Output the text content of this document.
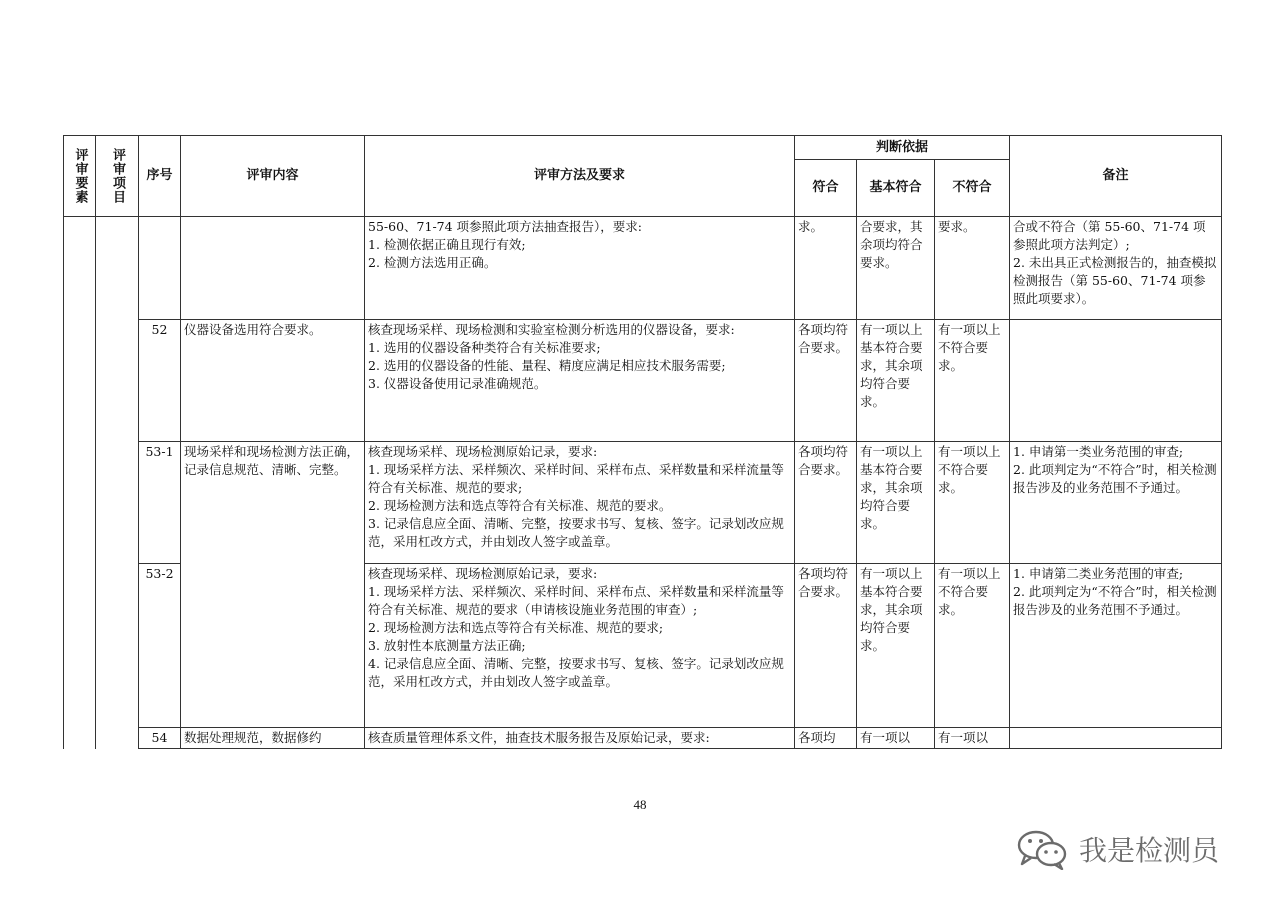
评审要素	评审项目	序号	评审内容	评审方法及要求	判断依据			备注
					符合	基本符合	不符合	

				55-60、71-74 项参照此项方法抽查报告），要求:
1. 检测依据正确且现行有效;
2. 检测方法选用正确。	求。	合要求，其余项均符合要求。	要求。	合或不符合（第 55-60、71-74 项参照此项方法判定）;
2. 未出具正式检测报告的，抽查模拟检测报告（第 55-60、71-74 项参照此项要求）。

		52	仪器设备选用符合要求。	核查现场采样、现场检测和实验室检测分析选用的仪器设备，要求:
1. 选用的仪器设备种类符合有关标准要求;
2. 选用的仪器设备的性能、量程、精度应满足相应技术服务需要;
3. 仪器设备使用记录准确规范。	各项均符合要求。	有一项以上基本符合要求，其余项均符合要求。	有一项以上不符合要求。	
		53-1	现场采样和现场检测方法正确，记录信息规范、清晰、完整。	核查现场采样、现场检测原始记录，要求:
1. 现场采样方法、采样频次、采样时间、采样布点、采样数量和采样流量等符合有关标准、规范的要求;
2. 现场检测方法和选点等符合有关标准、规范的要求。
3. 记录信息应全面、清晰、完整，按要求书写、复核、签字。记录划改应规范，采用杠改方式，并由划改人签字或盖章。	各项均符合要求。	有一项以上基本符合要求，其余项均符合要求。	有一项以上不符合要求。	1. 申请第一类业务范围的审查;
2. 此项判定为“不符合”时，相关检测报告涉及的业务范围不予通过。

		53-2		核查现场采样、现场检测原始记录，要求:
1. 现场采样方法、采样频次、采样时间、采样布点、采样数量和采样流量等符合有关标准、规范的要求（申请核设施业务范围的审查）;
2. 现场检测方法和选点等符合有关标准、规范的要求;
3. 放射性本底测量方法正确;
4. 记录信息应全面、清晰、完整，按要求书写、复核、签字。记录划改应规范，采用杠改方式，并由划改人签字或盖章。	各项均符合要求。	有一项以上基本符合要求，其余项均符合要求。	有一项以上不符合要求。	1. 申请第二类业务范围的审查;
2. 此项判定为“不符合”时，相关检测报告涉及的业务范围不予通过。

		54	数据处理规范，数据修约	核查质量管理体系文件，抽查技术服务报告及原始记录，要求:	各项均	有一项以	有一项以	
48
我是检测员
